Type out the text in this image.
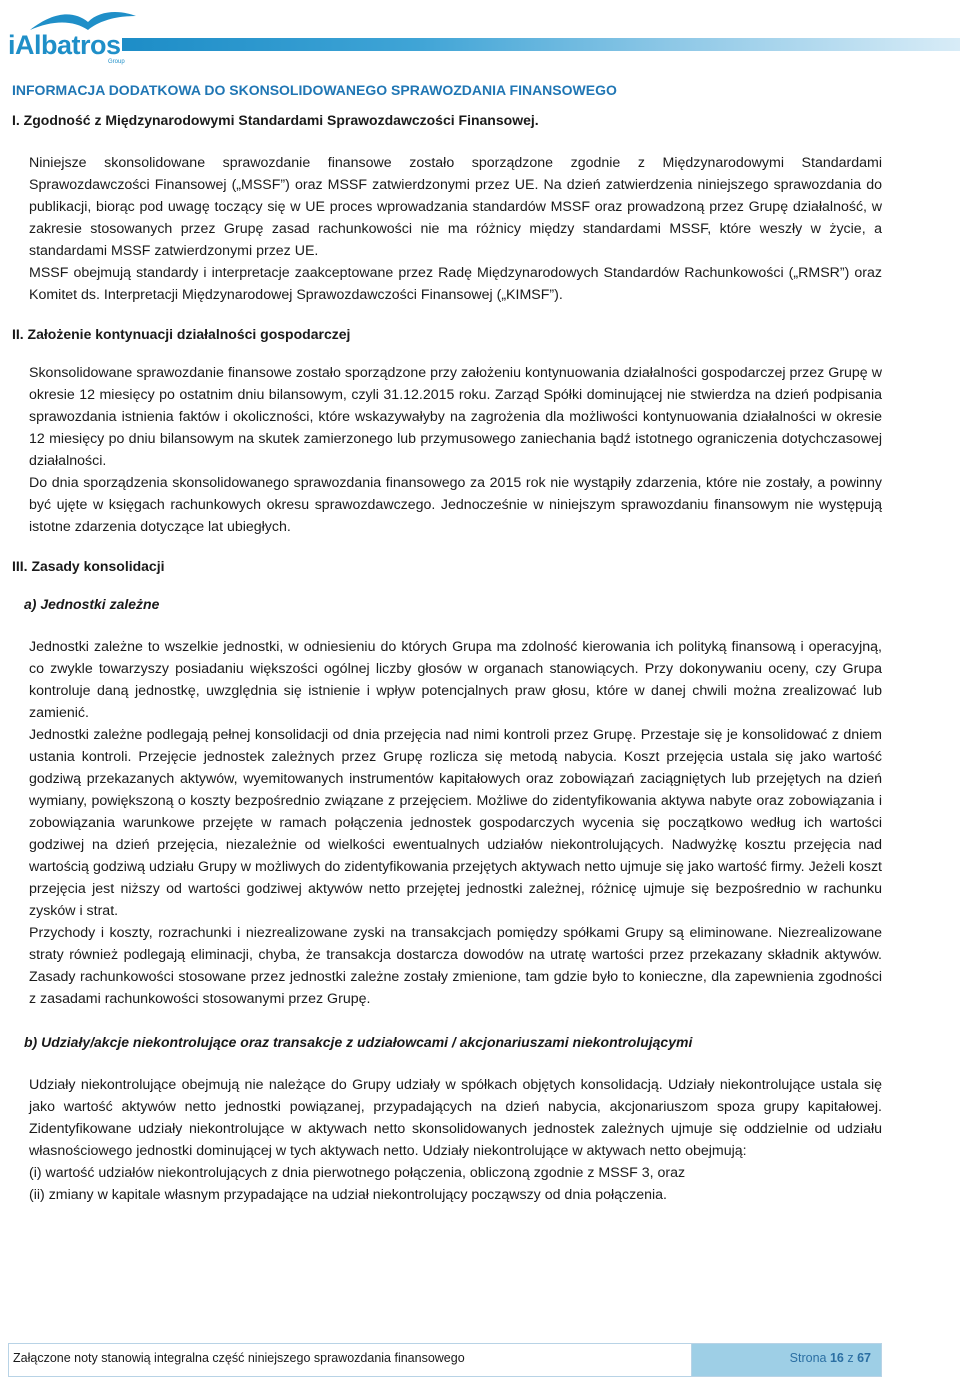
iAlbatros
Group
INFORMACJA DODATKOWA DO SKONSOLIDOWANEGO SPRAWOZDANIA FINANSOWEGO
I. Zgodność z Międzynarodowymi Standardami Sprawozdawczości Finansowej.

Niniejsze skonsolidowane sprawozdanie finansowe zostało sporządzone zgodnie z Międzynarodowymi Standardami Sprawozdawczości Finansowej („MSSF”) oraz MSSF zatwierdzonymi przez UE. Na dzień zatwierdzenia niniejszego sprawozdania do publikacji, biorąc pod uwagę toczący się w UE proces wprowadzania standardów MSSF oraz prowadzoną przez Grupę działalność, w zakresie stosowanych przez Grupę zasad rachunkowości nie ma różnicy między standardami MSSF, które weszły w życie, a standardami MSSF zatwierdzonymi przez UE.

MSSF obejmują standardy i interpretacje zaakceptowane przez Radę Międzynarodowych Standardów Rachunkowości („RMSR”) oraz Komitet ds. Interpretacji Międzynarodowej Sprawozdawczości Finansowej („KIMSF”).

II. Założenie kontynuacji działalności gospodarczej

Skonsolidowane sprawozdanie finansowe zostało sporządzone przy założeniu kontynuowania działalności gospodarczej przez Grupę w okresie 12 miesięcy po ostatnim dniu bilansowym, czyli 31.12.2015 roku. Zarząd Spółki dominującej nie stwierdza na dzień podpisania sprawozdania istnienia faktów i okoliczności, które wskazywałyby na zagrożenia dla możliwości kontynuowania działalności w okresie 12 miesięcy po dniu bilansowym na skutek zamierzonego lub przymusowego zaniechania bądź istotnego ograniczenia dotychczasowej działalności.

Do dnia sporządzenia skonsolidowanego sprawozdania finansowego za 2015 rok nie wystąpiły zdarzenia, które nie zostały, a powinny być ujęte w księgach rachunkowych okresu sprawozdawczego. Jednocześnie w niniejszym sprawozdaniu finansowym nie występują istotne zdarzenia dotyczące lat ubiegłych.

III. Zasady konsolidacji
a) Jednostki zależne

Jednostki zależne to wszelkie jednostki, w odniesieniu do których Grupa ma zdolność kierowania ich polityką finansową i operacyjną, co zwykle towarzyszy posiadaniu większości ogólnej liczby głosów w organach stanowiących. Przy dokonywaniu oceny, czy Grupa kontroluje daną jednostkę, uwzględnia się istnienie i wpływ potencjalnych praw głosu, które w danej chwili można zrealizować lub zamienić.

Jednostki zależne podlegają pełnej konsolidacji od dnia przejęcia nad nimi kontroli przez Grupę. Przestaje się je konsolidować z dniem ustania kontroli. Przejęcie jednostek zależnych przez Grupę rozlicza się metodą nabycia. Koszt przejęcia ustala się jako wartość godziwą przekazanych aktywów, wyemitowanych instrumentów kapitałowych oraz zobowiązań zaciągniętych lub przejętych na dzień wymiany, powiększoną o koszty bezpośrednio związane z przejęciem. Możliwe do zidentyfikowania aktywa nabyte oraz zobowiązania i zobowiązania warunkowe przejęte w ramach połączenia jednostek gospodarczych wycenia się początkowo według ich wartości godziwej na dzień przejęcia, niezależnie od wielkości ewentualnych udziałów niekontrolujących. Nadwyżkę kosztu przejęcia nad wartością godziwą udziału Grupy w możliwych do zidentyfikowania przejętych aktywach netto ujmuje się jako wartość firmy. Jeżeli koszt przejęcia jest niższy od wartości godziwej aktywów netto przejętej jednostki zależnej, różnicę ujmuje się bezpośrednio w rachunku zysków i strat.

Przychody i koszty, rozrachunki i niezrealizowane zyski na transakcjach pomiędzy spółkami Grupy są eliminowane. Niezrealizowane straty również podlegają eliminacji, chyba, że transakcja dostarcza dowodów na utratę wartości przez przekazany składnik aktywów. Zasady rachunkowości stosowane przez jednostki zależne zostały zmienione, tam gdzie było to konieczne, dla zapewnienia zgodności z zasadami rachunkowości stosowanymi przez Grupę.

b) Udziały/akcje niekontrolujące oraz transakcje z udziałowcami / akcjonariuszami niekontrolującymi

Udziały niekontrolujące obejmują nie należące do Grupy udziały w spółkach objętych konsolidacją. Udziały niekontrolujące ustala się jako wartość aktywów netto jednostki powiązanej, przypadających na dzień nabycia, akcjonariuszom spoza grupy kapitałowej. Zidentyfikowane udziały niekontrolujące w aktywach netto skonsolidowanych jednostek zależnych ujmuje się oddzielnie od udziału własnościowego jednostki dominującej w tych aktywach netto. Udziały niekontrolujące w aktywach netto obejmują:

(i) wartość udziałów niekontrolujących z dnia pierwotnego połączenia, obliczoną zgodnie z MSSF 3, oraz

(ii) zmiany w kapitale własnym przypadające na udział niekontrolujący począwszy od dnia połączenia.

Załączone noty stanowią integralna część niniejszego sprawozdania finansowego	Strona 16 z 67
